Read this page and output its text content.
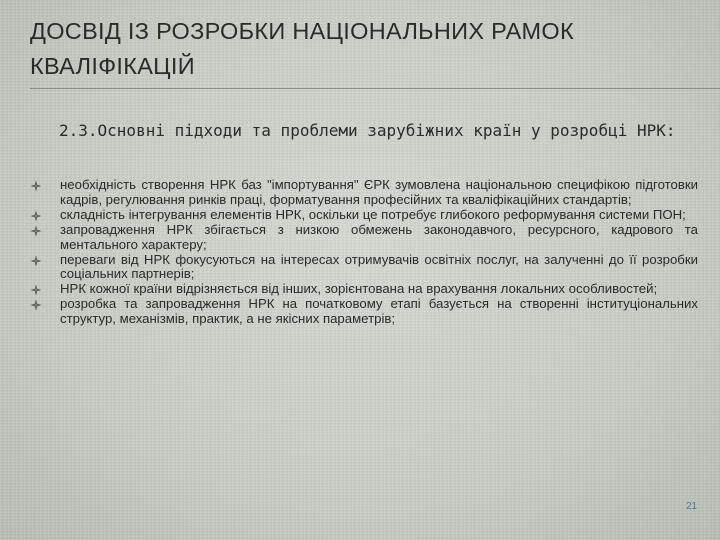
ДОСВІД ІЗ РОЗРОБКИ НАЦІОНАЛЬНИХ РАМОК КВАЛІФІКАЦІЙ
2.3.Основні підходи та проблеми зарубіжних країн у розробці НРК:
необхідність створення НРК баз "імпортування" ЄРК зумовлена національною специфікою підготовки кадрів, регулювання ринків праці, форматування професійних та кваліфікаційних стандартів;
складність інтегрування елементів НРК, оскільки це потребує глибокого реформування системи ПОН;
запровадження НРК збігається з низкою обмежень законодавчого, ресурсного, кадрового та ментального характеру;
переваги від НРК фокусуються на інтересах отримувачів освітніх послуг, на залученні до її розробки соціальних партнерів;
НРК кожної країни відрізняється від інших, зорієнтована на врахування локальних особливостей;
розробка та запровадження НРК на початковому етапі базується на створенні інституціональних структур, механізмів, практик, а не якісних параметрів;
21
